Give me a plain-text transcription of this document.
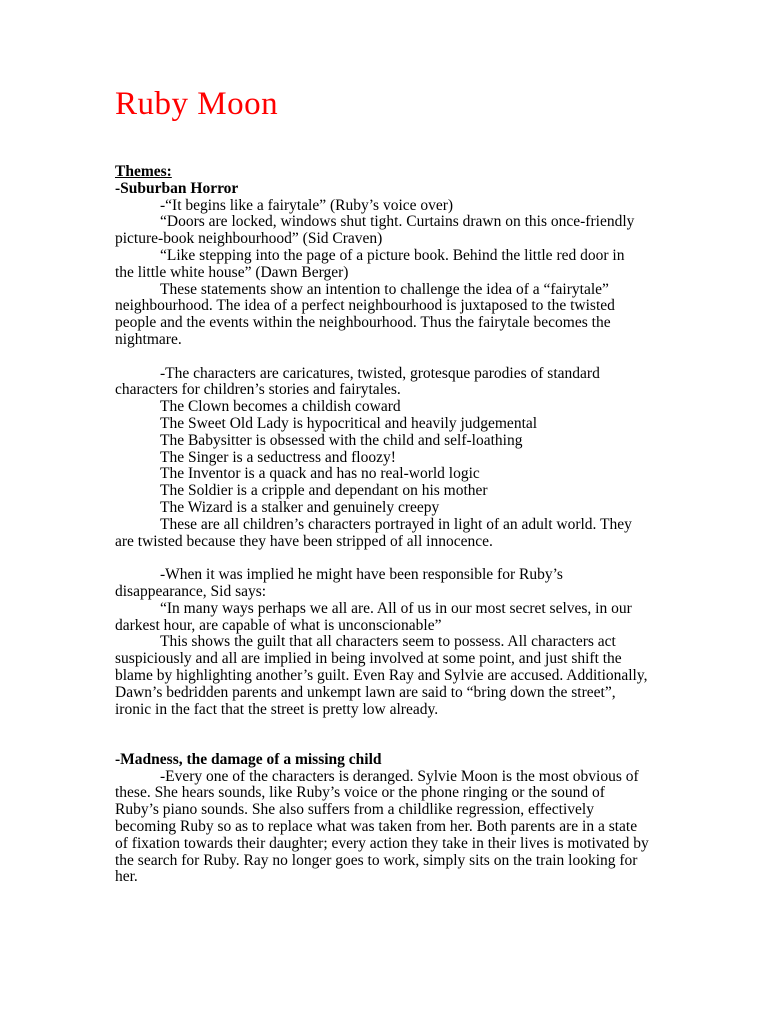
Ruby Moon
Themes:
-Suburban Horror
-“It begins like a fairytale” (Ruby’s voice over)
“Doors are locked, windows shut tight. Curtains drawn on this once-friendly
picture-book neighbourhood” (Sid Craven)
“Like stepping into the page of a picture book. Behind the little red door in
the little white house” (Dawn Berger)
These statements show an intention to challenge the idea of a “fairytale”
neighbourhood. The idea of a perfect neighbourhood is juxtaposed to the twisted
people and the events within the neighbourhood. Thus the fairytale becomes the
nightmare.

-The characters are caricatures, twisted, grotesque parodies of standard
characters for children’s stories and fairytales.
The Clown becomes a childish coward
The Sweet Old Lady is hypocritical and heavily judgemental
The Babysitter is obsessed with the child and self-loathing
The Singer is a seductress and floozy!
The Inventor is a quack and has no real-world logic
The Soldier is a cripple and dependant on his mother
The Wizard is a stalker and genuinely creepy
These are all children’s characters portrayed in light of an adult world. They
are twisted because they have been stripped of all innocence.

-When it was implied he might have been responsible for Ruby’s
disappearance, Sid says:
“In many ways perhaps we all are. All of us in our most secret selves, in our
darkest hour, are capable of what is unconscionable”
This shows the guilt that all characters seem to possess. All characters act
suspiciously and all are implied in being involved at some point, and just shift the
blame by highlighting another’s guilt. Even Ray and Sylvie are accused. Additionally,
Dawn’s bedridden parents and unkempt lawn are said to “bring down the street”,
ironic in the fact that the street is pretty low already.

-Madness, the damage of a missing child
-Every one of the characters is deranged. Sylvie Moon is the most obvious of
these. She hears sounds, like Ruby’s voice or the phone ringing or the sound of
Ruby’s piano sounds. She also suffers from a childlike regression, effectively
becoming Ruby so as to replace what was taken from her. Both parents are in a state
of fixation towards their daughter; every action they take in their lives is motivated by
the search for Ruby. Ray no longer goes to work, simply sits on the train looking for
her.
